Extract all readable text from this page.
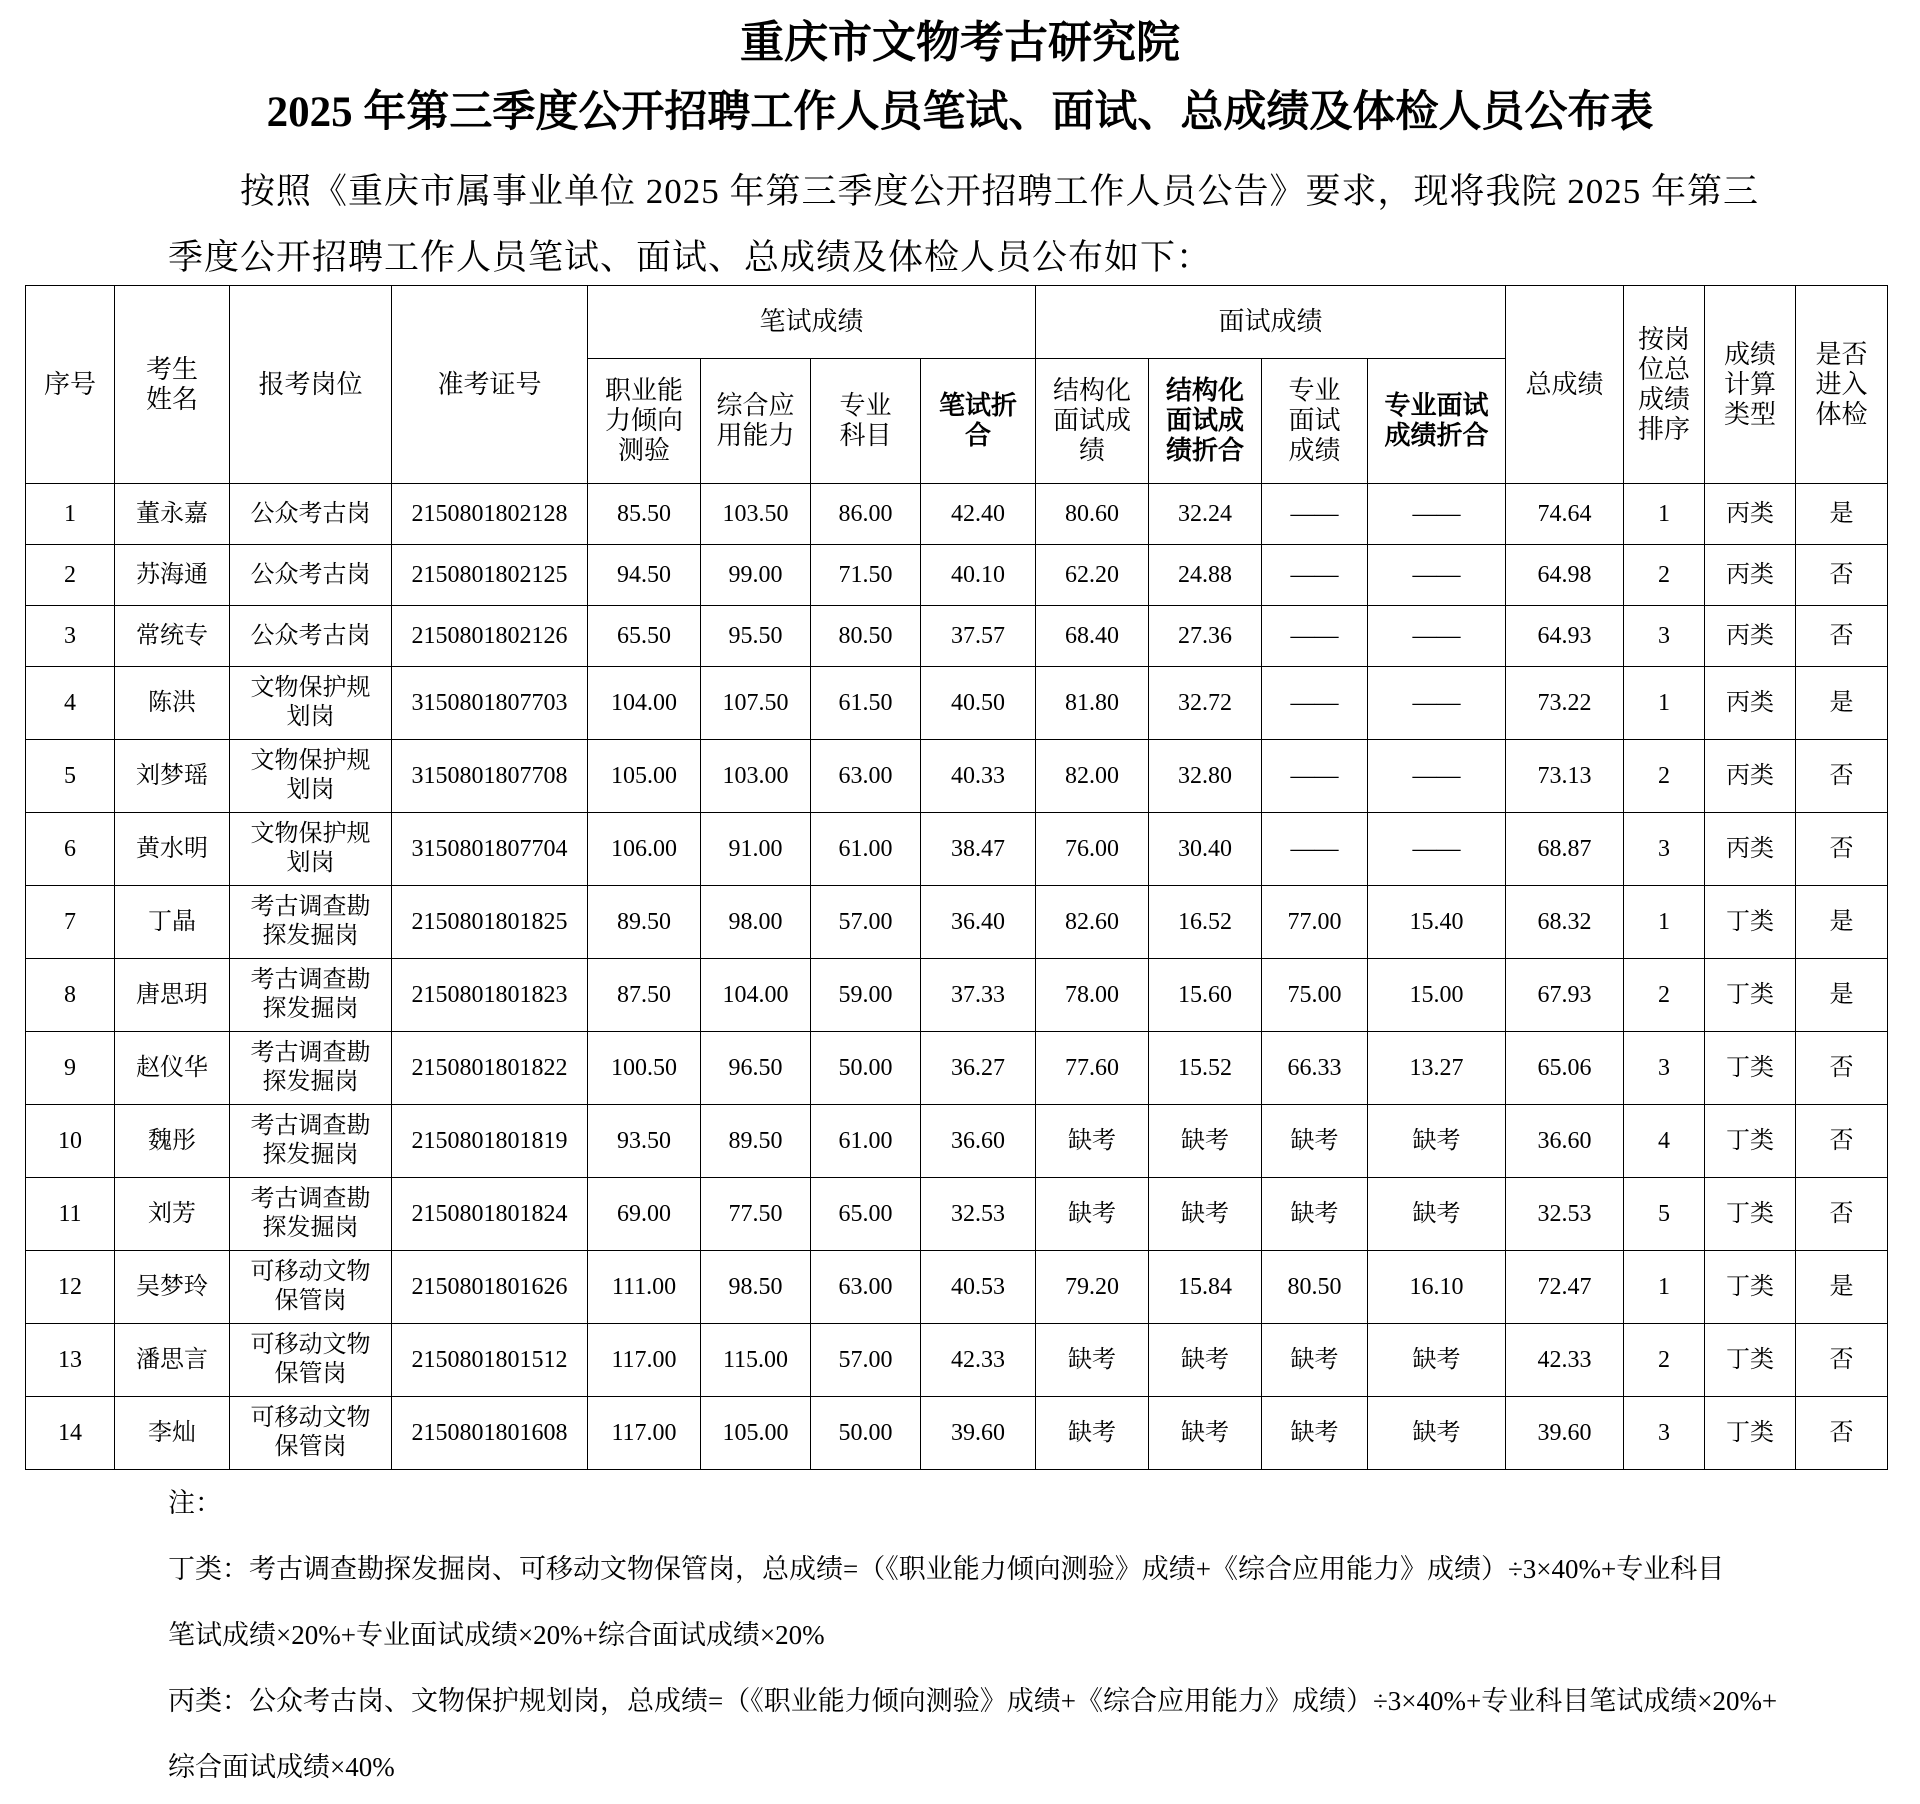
重庆市文物考古研究院
2025 年第三季度公开招聘工作人员笔试、面试、总成绩及体检人员公布表
按照《重庆市属事业单位 2025 年第三季度公开招聘工作人员公告》要求，现将我院 2025 年第三
季度公开招聘工作人员笔试、面试、总成绩及体检人员公布如下：
序号	考生姓名	报考岗位	准考证号	笔试成绩				面试成绩				总成绩	按岗位总成绩排序	成绩计算类型	是否进入体检
				职业能力倾向测验	综合应用能力	专业科目	笔试折合	结构化面试成绩	结构化面试成绩折合	专业面试成绩	专业面试成绩折合				
1	董永嘉	公众考古岗	2150801802128	85.50	103.50	86.00	42.40	80.60	32.24	——	——	74.64	1	丙类	是
2	苏海通	公众考古岗	2150801802125	94.50	99.00	71.50	40.10	62.20	24.88	——	——	64.98	2	丙类	否
3	常统专	公众考古岗	2150801802126	65.50	95.50	80.50	37.57	68.40	27.36	——	——	64.93	3	丙类	否
4	陈洪	文物保护规划岗	3150801807703	104.00	107.50	61.50	40.50	81.80	32.72	——	——	73.22	1	丙类	是
5	刘梦瑶	文物保护规划岗	3150801807708	105.00	103.00	63.00	40.33	82.00	32.80	——	——	73.13	2	丙类	否
6	黄水明	文物保护规划岗	3150801807704	106.00	91.00	61.00	38.47	76.00	30.40	——	——	68.87	3	丙类	否
7	丁晶	考古调查勘探发掘岗	2150801801825	89.50	98.00	57.00	36.40	82.60	16.52	77.00	15.40	68.32	1	丁类	是
8	唐思玥	考古调查勘探发掘岗	2150801801823	87.50	104.00	59.00	37.33	78.00	15.60	75.00	15.00	67.93	2	丁类	是
9	赵仪华	考古调查勘探发掘岗	2150801801822	100.50	96.50	50.00	36.27	77.60	15.52	66.33	13.27	65.06	3	丁类	否
10	魏彤	考古调查勘探发掘岗	2150801801819	93.50	89.50	61.00	36.60	缺考	缺考	缺考	缺考	36.60	4	丁类	否
11	刘芳	考古调查勘探发掘岗	2150801801824	69.00	77.50	65.00	32.53	缺考	缺考	缺考	缺考	32.53	5	丁类	否
12	吴梦玲	可移动文物保管岗	2150801801626	111.00	98.50	63.00	40.53	79.20	15.84	80.50	16.10	72.47	1	丁类	是
13	潘思言	可移动文物保管岗	2150801801512	117.00	115.00	57.00	42.33	缺考	缺考	缺考	缺考	42.33	2	丁类	否
14	李灿	可移动文物保管岗	2150801801608	117.00	105.00	50.00	39.60	缺考	缺考	缺考	缺考	39.60	3	丁类	否
注：
丁类：考古调查勘探发掘岗、可移动文物保管岗，总成绩=（《职业能力倾向测验》成绩+《综合应用能力》成绩）÷3×40%+专业科目
笔试成绩×20%+专业面试成绩×20%+综合面试成绩×20%
丙类：公众考古岗、文物保护规划岗，总成绩=（《职业能力倾向测验》成绩+《综合应用能力》成绩）÷3×40%+专业科目笔试成绩×20%+
综合面试成绩×40%
